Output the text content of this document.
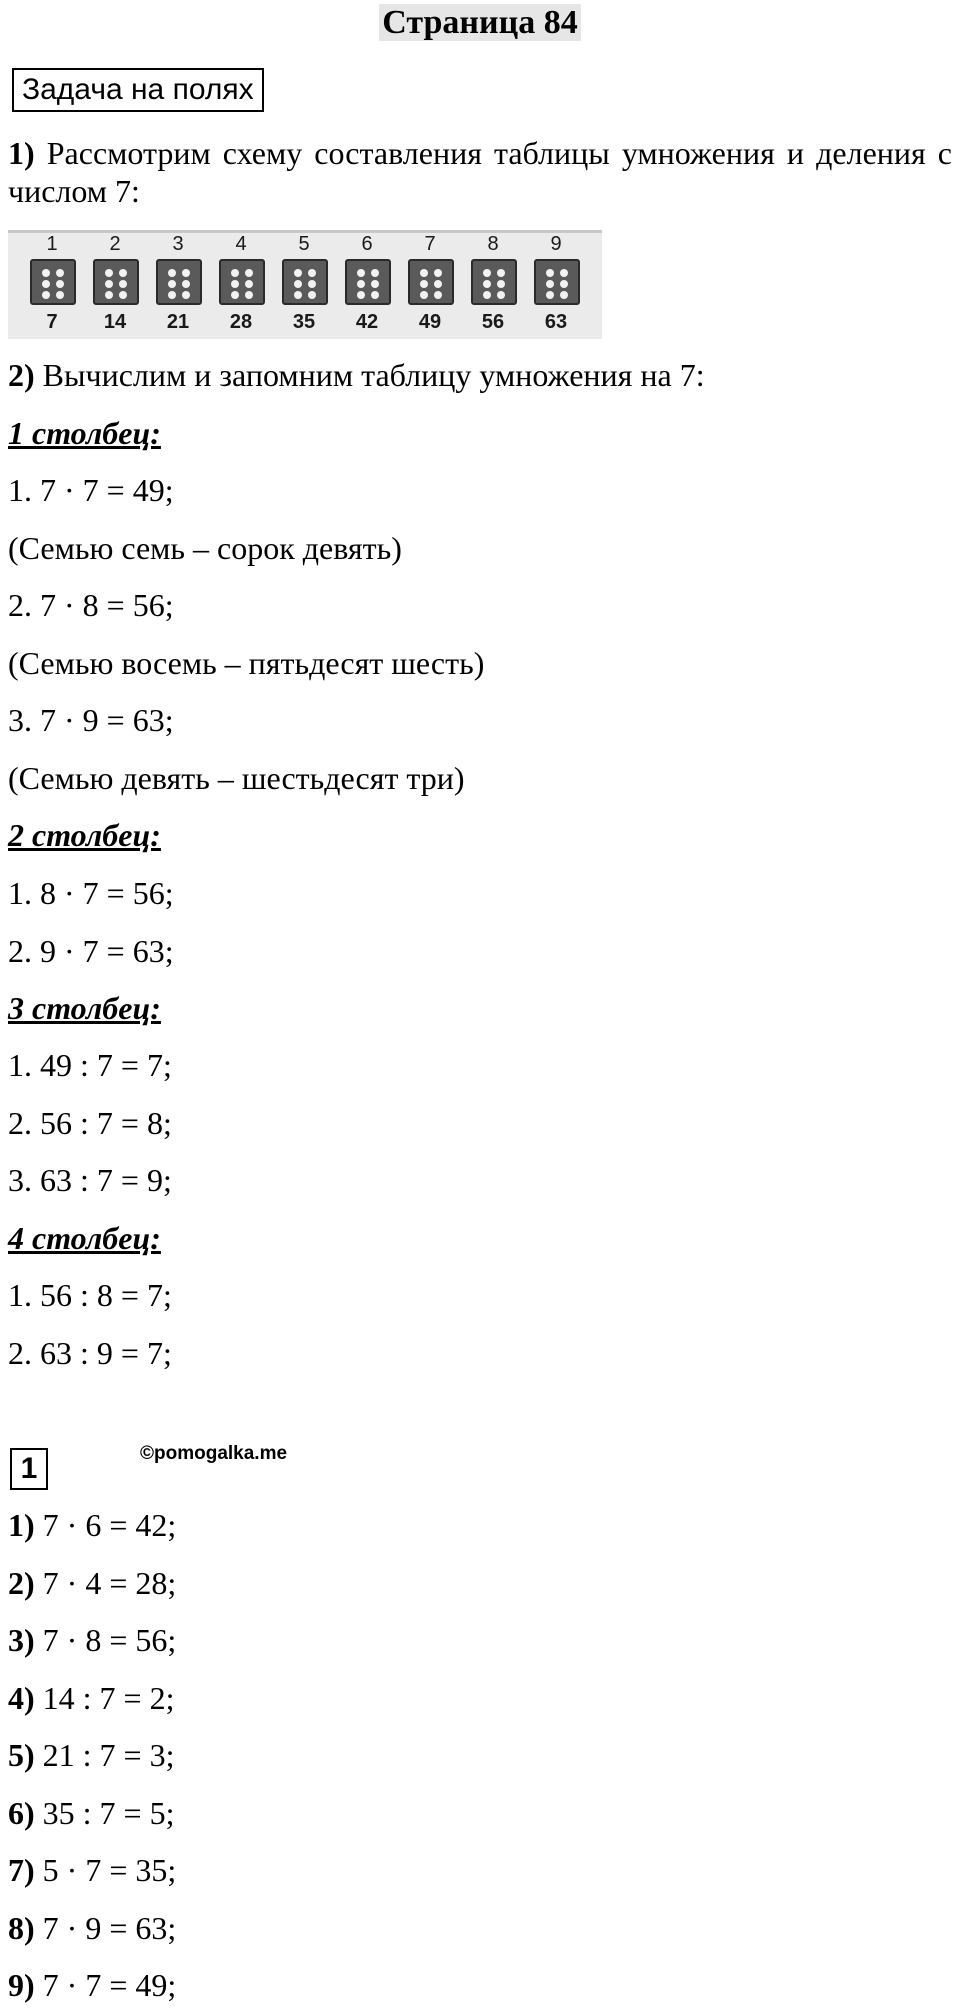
Страница 84
Задача на полях
1) Рассмотрим схему составления таблицы умножения и деления с числом 7:
1
7
2
14
3
21
4
28
5
35
6
42
7
49
8
56
9
63
2) Вычислим и запомним таблицу умножения на 7:
1 столбец:
1. 7 · 7 = 49;
(Семью семь – сорок девять)
2. 7 · 8 = 56;
(Семью восемь – пятьдесят шесть)
3. 7 · 9 = 63;
(Семью девять – шестьдесят три)
2 столбец:
1. 8 · 7 = 56;
2. 9 · 7 = 63;
3 столбец:
1. 49 : 7 = 7;
2. 56 : 7 = 8;
3. 63 : 7 = 9;
4 столбец:
1. 56 : 8 = 7;
2. 63 : 9 = 7;
1	©pomogalka.me
1) 7 · 6 = 42;
2) 7 · 4 = 28;
3) 7 · 8 = 56;
4) 14 : 7 = 2;
5) 21 : 7 = 3;
6) 35 : 7 = 5;
7) 5 · 7 = 35;
8) 7 · 9 = 63;
9) 7 · 7 = 49;
